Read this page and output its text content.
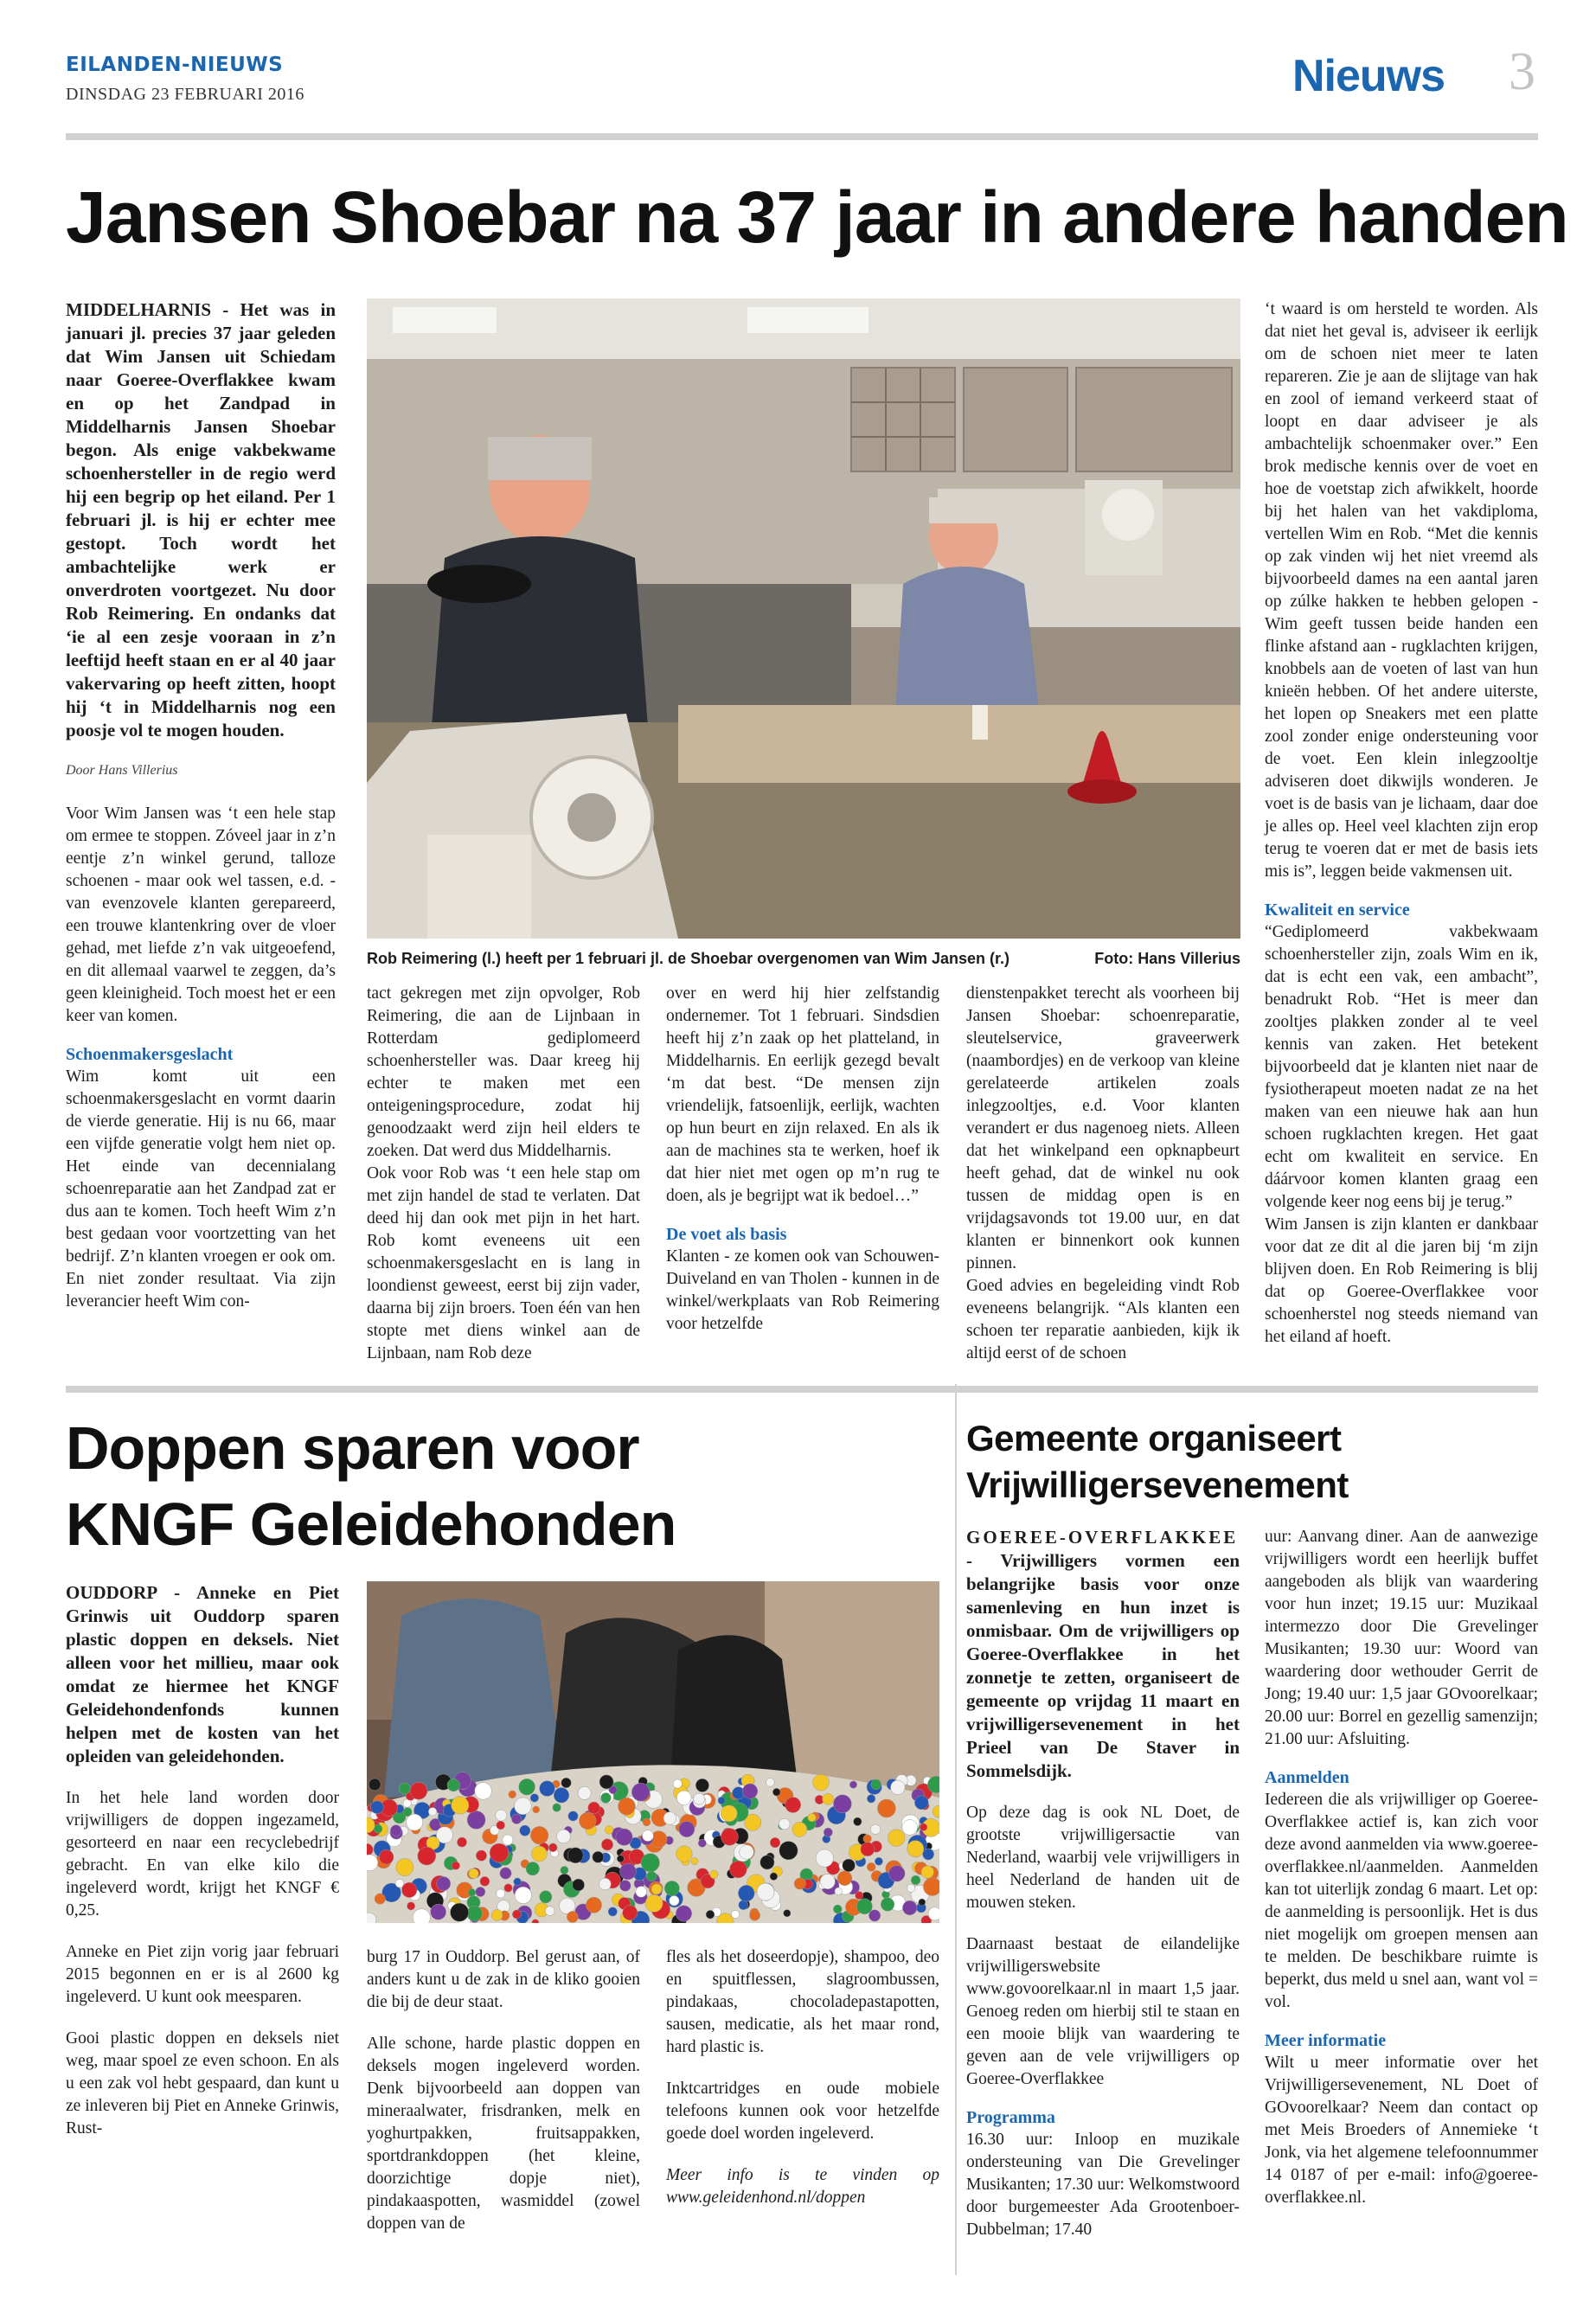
EILANDEN-NIEUWS
DINSDAG 23 FEBRUARI 2016	Nieuws 3
Jansen Shoebar na 37 jaar in andere handen
MIDDELHARNIS - Het was in januari jl. precies 37 jaar geleden dat Wim Jansen uit Schiedam naar Goeree-Overflakkee kwam en op het Zandpad in Middelharnis Jansen Shoebar begon. Als enige vakbekwame schoenhersteller in de regio werd hij een begrip op het eiland. Per 1 februari jl. is hij er echter mee gestopt. Toch wordt het ambachtelijke werk er onverdroten voortgezet. Nu door Rob Reimering. En ondanks dat ‘ie al een zesje vooraan in z’n leeftijd heeft staan en er al 40 jaar vakervaring op heeft zitten, hoopt hij ‘t in Middelharnis nog een poosje vol te mogen houden.
Door Hans Villerius

Voor Wim Jansen was ‘t een hele stap om ermee te stoppen. Zóveel jaar in z’n eentje z’n winkel gerund, talloze schoenen - maar ook wel tassen, e.d. - van evenzovele klanten gerepareerd, een trouwe klantenkring over de vloer gehad, met liefde z’n vak uitgeoefend, en dit allemaal vaarwel te zeggen, da’s geen kleinigheid. Toch moest het er een keer van komen.

Schoenmakersgeslacht

Wim komt uit een schoenmakersgeslacht en vormt daarin de vierde generatie. Hij is nu 66, maar een vijfde generatie volgt hem niet op. Het einde van decennialang schoenreparatie aan het Zandpad zat er dus aan te komen. Toch heeft Wim z’n best gedaan voor voortzetting van het bedrijf. Z’n klanten vroegen er ook om. En niet zonder resultaat. Via zijn leverancier heeft Wim con-

Rob Reimering (l.) heeft per 1 februari jl. de Shoebar overgenomen van Wim Jansen (r.)	Foto: Hans Villerius

tact gekregen met zijn opvolger, Rob Reimering, die aan de Lijnbaan in Rotterdam gediplomeerd schoenhersteller was. Daar kreeg hij echter te maken met een onteigeningsprocedure, zodat hij genoodzaakt werd zijn heil elders te zoeken. Dat werd dus Middelharnis.
Ook voor Rob was ‘t een hele stap om met zijn handel de stad te verlaten. Dat deed hij dan ook met pijn in het hart. Rob komt eveneens uit een schoenmakersgeslacht en is lang in loondienst geweest, eerst bij zijn vader, daarna bij zijn broers. Toen één van hen stopte met diens winkel aan de Lijnbaan, nam Rob deze

over en werd hij hier zelfstandig ondernemer. Tot 1 februari. Sindsdien heeft hij z’n zaak op het platteland, in Middelharnis. En eerlijk gezegd bevalt ‘m dat best. “De mensen zijn vriendelijk, fatsoenlijk, eerlijk, wachten op hun beurt en zijn relaxed. En als ik aan de machines sta te werken, hoef ik dat hier niet met ogen op m’n rug te doen, als je begrijpt wat ik bedoel…”

De voet als basis

Klanten - ze komen ook van Schouwen-Duiveland en van Tholen - kunnen in de winkel/werkplaats van Rob Reimering voor hetzelfde

dienstenpakket terecht als voorheen bij Jansen Shoebar: schoenreparatie, sleutelservice, graveerwerk (naambordjes) en de verkoop van kleine gerelateerde artikelen zoals inlegzooltjes, e.d. Voor klanten verandert er dus nagenoeg niets. Alleen dat het winkelpand een opknapbeurt heeft gehad, dat de winkel nu ook tussen de middag open is en vrijdagsavonds tot 19.00 uur, en dat klanten er binnenkort ook kunnen pinnen.
Goed advies en begeleiding vindt Rob eveneens belangrijk. “Als klanten een schoen ter reparatie aanbieden, kijk ik altijd eerst of de schoen

‘t waard is om hersteld te worden. Als dat niet het geval is, adviseer ik eerlijk om de schoen niet meer te laten repareren. Zie je aan de slijtage van hak en zool of iemand verkeerd staat of loopt en daar adviseer je als ambachtelijk schoenmaker over.” Een brok medische kennis over de voet en hoe de voetstap zich afwikkelt, hoorde bij het halen van het vakdiploma, vertellen Wim en Rob. “Met die kennis op zak vinden wij het niet vreemd als bijvoorbeeld dames na een aantal jaren op zúlke hakken te hebben gelopen - Wim geeft tussen beide handen een flinke afstand aan - rugklachten krijgen, knobbels aan de voeten of last van hun knieën hebben. Of het andere uiterste, het lopen op Sneakers met een platte zool zonder enige ondersteuning voor de voet. Een klein inlegzooltje adviseren doet dikwijls wonderen. Je voet is de basis van je lichaam, daar doe je alles op. Heel veel klachten zijn erop terug te voeren dat er met de basis iets mis is”, leggen beide vakmensen uit.

Kwaliteit en service

“Gediplomeerd vakbekwaam schoenhersteller zijn, zoals Wim en ik, dat is echt een vak, een ambacht”, benadrukt Rob. “Het is meer dan zooltjes plakken zonder al te veel kennis van zaken. Het betekent bijvoorbeeld dat je klanten niet naar de fysiotherapeut moeten nadat ze na het maken van een nieuwe hak aan hun schoen rugklachten kregen. Het gaat echt om kwaliteit en service. En dáárvoor komen klanten graag een volgende keer nog eens bij je terug.”
Wim Jansen is zijn klanten er dankbaar voor dat ze dit al die jaren bij ‘m zijn blijven doen. En Rob Reimering is blij dat op Goeree-Overflakkee voor schoenherstel nog steeds niemand van het eiland af hoeft.

Doppen sparen voor
KNGF Geleidehonden
OUDDORP - Anneke en Piet Grinwis uit Ouddorp sparen plastic doppen en deksels. Niet alleen voor het millieu, maar ook omdat ze hiermee het KNGF Geleidehondenfonds kunnen helpen met de kosten van het opleiden van geleidehonden.

In het hele land worden door vrijwilligers de doppen ingezameld, gesorteerd en naar een recyclebedrijf gebracht. En van elke kilo die ingeleverd wordt, krijgt het KNGF € 0,25.

Anneke en Piet zijn vorig jaar februari 2015 begonnen en er is al 2600 kg ingeleverd. U kunt ook meesparen.

Gooi plastic doppen en deksels niet weg, maar spoel ze even schoon. En als u een zak vol hebt gespaard, dan kunt u ze inleveren bij Piet en Anneke Grinwis, Rust-

burg 17 in Ouddorp. Bel gerust aan, of anders kunt u de zak in de kliko gooien die bij de deur staat.

Alle schone, harde plastic doppen en deksels mogen ingeleverd worden. Denk bijvoorbeeld aan doppen van mineraalwater, frisdranken, melk en yoghurtpakken, fruitsappakken, sportdrankdoppen (het kleine, doorzichtige dopje niet), pindakaaspotten, wasmiddel (zowel doppen van de

fles als het doseerdopje), shampoo, deo en spuitflessen, slagroombussen, pindakaas, chocoladepastapotten, sausen, medicatie, als het maar rond, hard plastic is.

Inktcartridges en oude mobiele telefoons kunnen ook voor hetzelfde goede doel worden ingeleverd.

Meer info is te vinden op www.geleidenhond.nl/doppen

Gemeente organiseert
Vrijwilligersevenement
GOEREE-OVERFLAKKEE
- Vrijwilligers vormen een belangrijke basis voor onze samenleving en hun inzet is onmisbaar. Om de vrijwilligers op Goeree-Overflakkee in het zonnetje te zetten, organiseert de gemeente op vrijdag 11 maart en vrijwilligersevenement in het Prieel van De Staver in Sommelsdijk.

Op deze dag is ook NL Doet, de grootste vrijwilligersactie van Nederland, waarbij vele vrijwilligers in heel Nederland de handen uit de mouwen steken.

Daarnaast bestaat de eilandelijke vrijwilligerswebsite www.govoorelkaar.nl in maart 1,5 jaar. Genoeg reden om hierbij stil te staan en een mooie blijk van waardering te geven aan de vele vrijwilligers op Goeree-Overflakkee

Programma

16.30 uur: Inloop en muzikale ondersteuning van Die Grevelinger Musikanten; 17.30 uur: Welkomstwoord door burgemeester Ada Grootenboer-Dubbelman; 17.40

uur: Aanvang diner. Aan de aanwezige vrijwilligers wordt een heerlijk buffet aangeboden als blijk van waardering voor hun inzet; 19.15 uur: Muzikaal intermezzo door Die Grevelinger Musikanten; 19.30 uur: Woord van waardering door wethouder Gerrit de Jong; 19.40 uur: 1,5 jaar GOvoorelkaar; 20.00 uur: Borrel en gezellig samenzijn; 21.00 uur: Afsluiting.

Aanmelden

Iedereen die als vrijwilliger op Goeree-Overflakkee actief is, kan zich voor deze avond aanmelden via www.goeree-overflakkee.nl/aanmelden. Aanmelden kan tot uiterlijk zondag 6 maart. Let op: de aanmelding is persoonlijk. Het is dus niet mogelijk om groepen mensen aan te melden. De beschikbare ruimte is beperkt, dus meld u snel aan, want vol = vol.

Meer informatie

Wilt u meer informatie over het Vrijwilligersevenement, NL Doet of GOvoorelkaar? Neem dan contact op met Meis Broeders of Annemieke ‘t Jonk, via het algemene telefoonnummer 14 0187 of per e-mail: info@goeree-overflakkee.nl.
